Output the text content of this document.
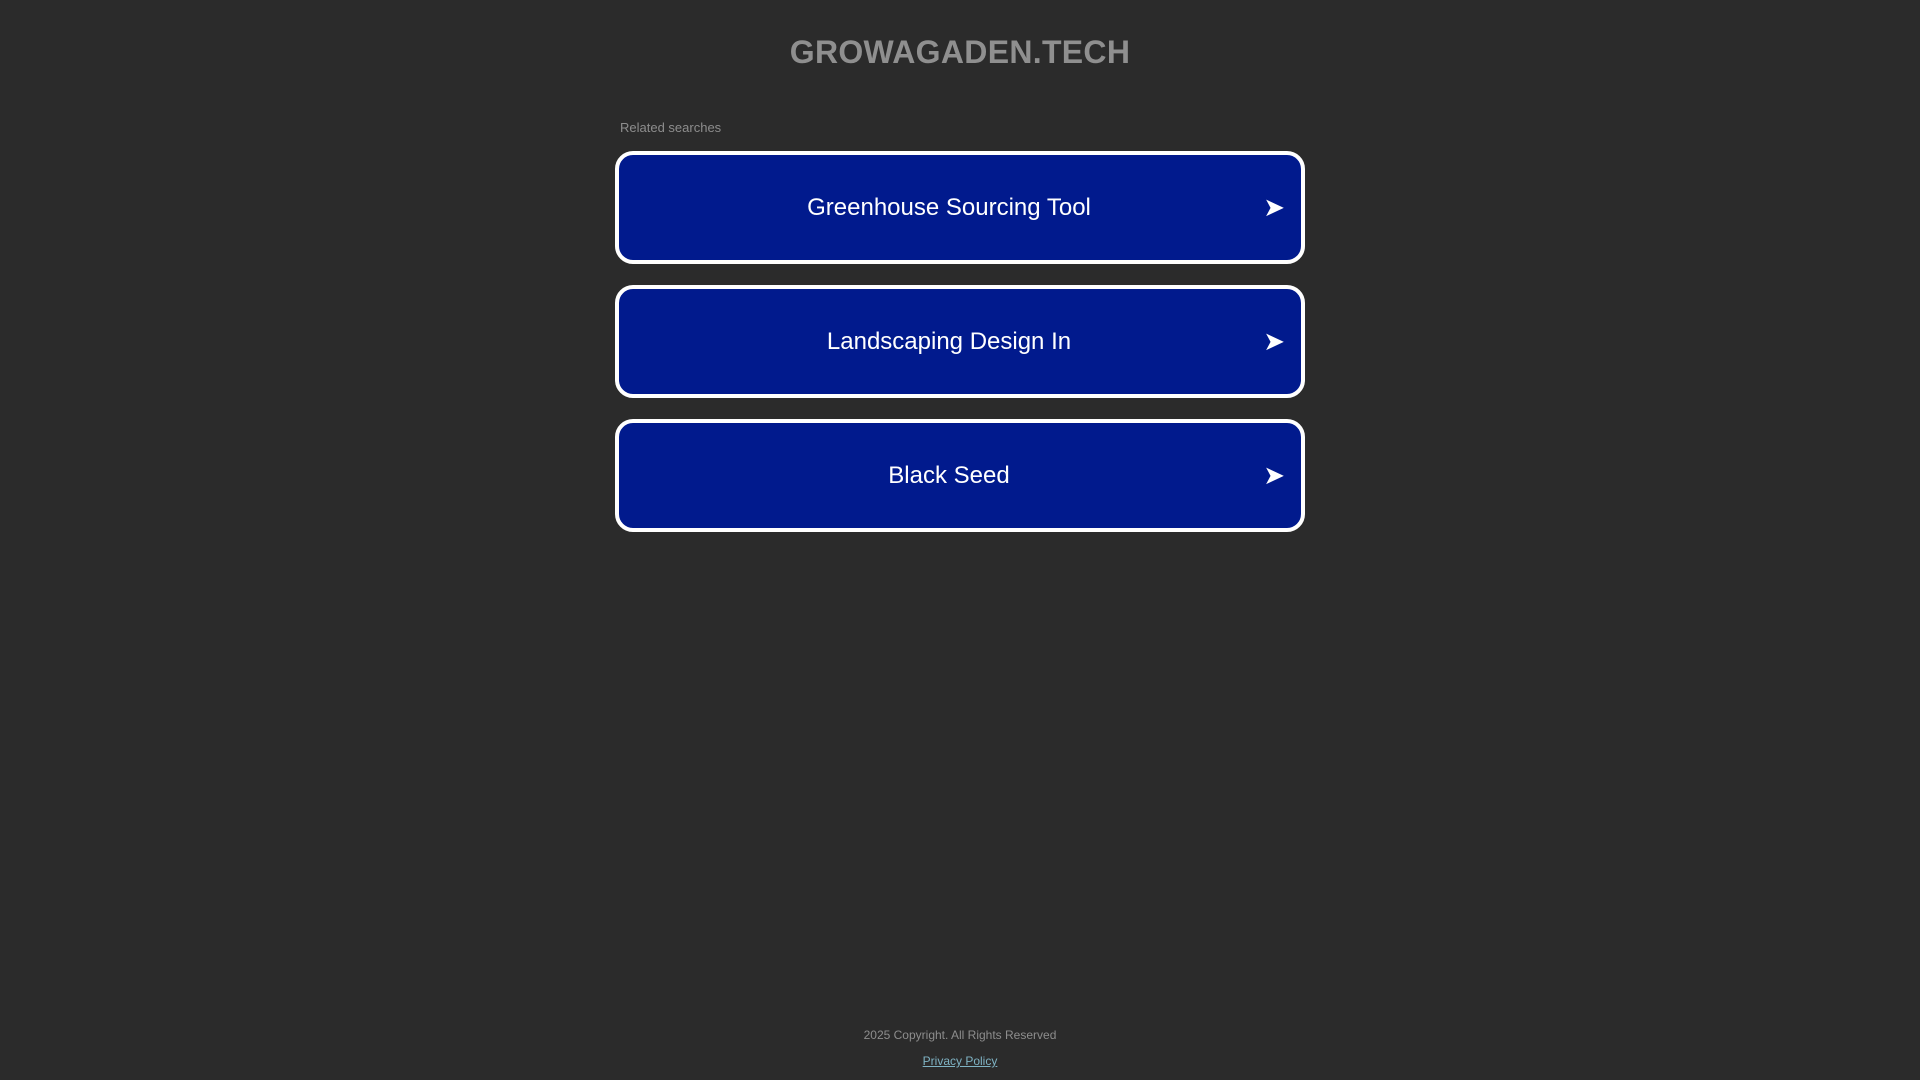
GROWAGADEN.TECH
Related searches
Greenhouse Sourcing Tool	➤
Landscaping Design In	➤
Black Seed	➤
2025 Copyright. All Rights Reserved
Privacy Policy
